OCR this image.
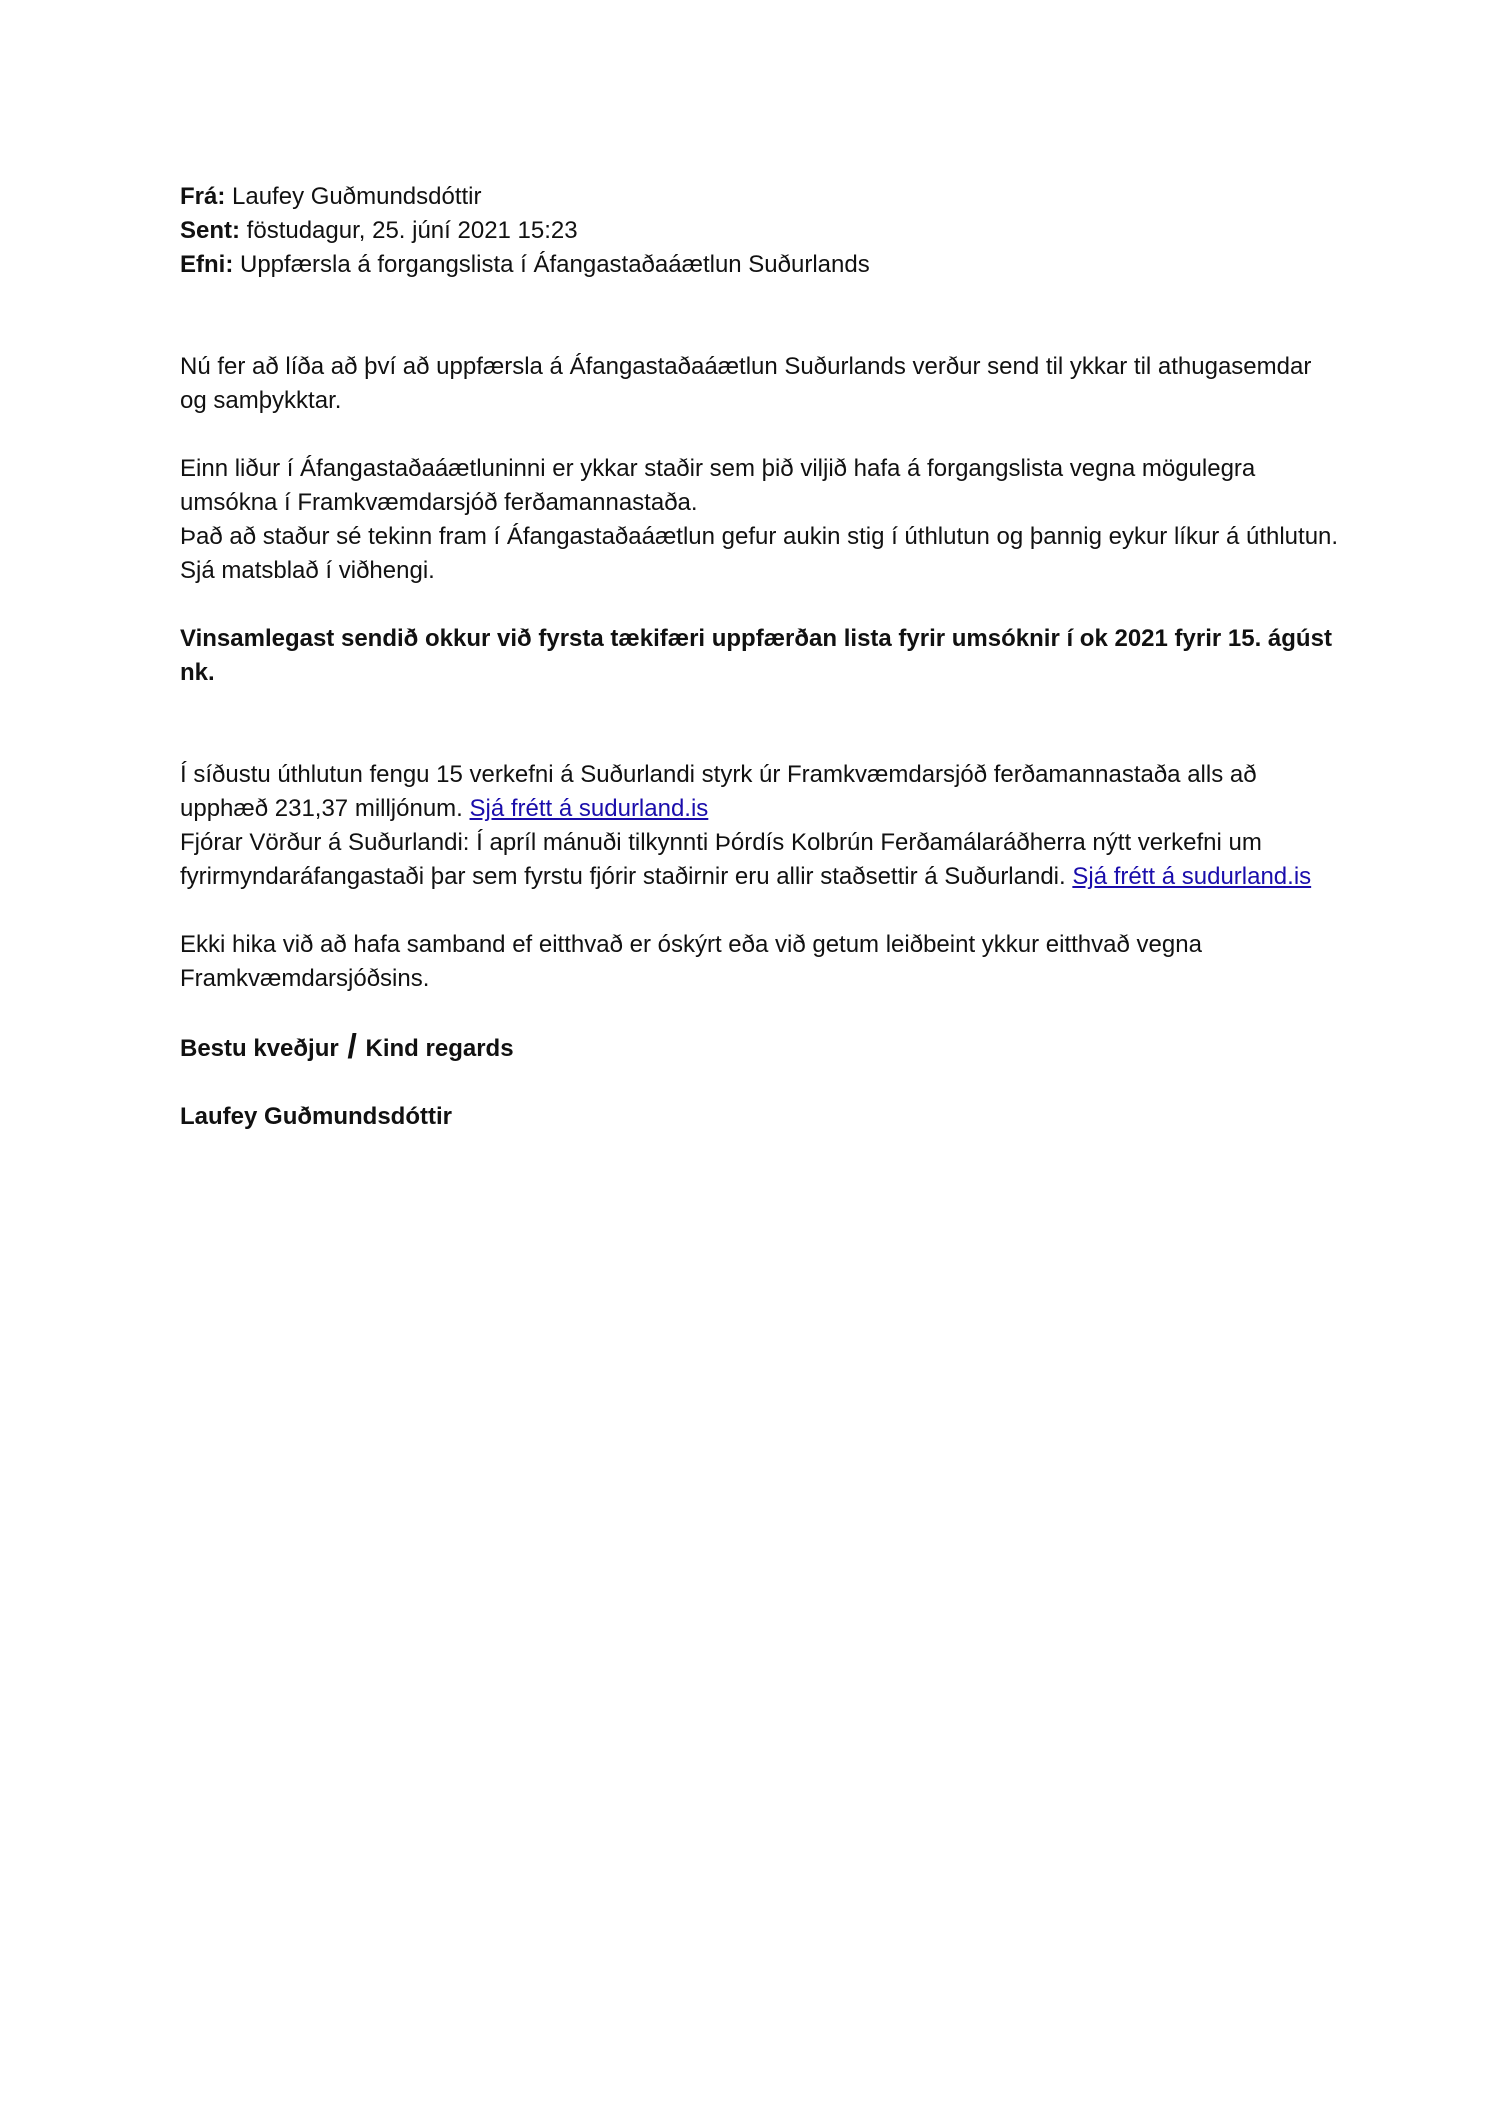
Frá: Laufey Guðmundsdóttir

Sent: föstudagur, 25. júní 2021 15:23

Efni: Uppfærsla á forgangslista í Áfangastaðaáætlun Suðurlands

Nú fer að líða að því að uppfærsla á Áfangastaðaáætlun Suðurlands verður send til ykkar til athugasemdar og samþykktar.

Einn liður í Áfangastaðaáætluninni er ykkar staðir sem þið viljið hafa á forgangslista vegna mögulegra umsókna í Framkvæmdarsjóð ferðamannastaða.

Það að staður sé tekinn fram í Áfangastaðaáætlun gefur aukin stig í úthlutun og þannig eykur líkur á úthlutun. Sjá matsblað í viðhengi.

Vinsamlegast sendið okkur við fyrsta tækifæri uppfærðan lista fyrir umsóknir í ok 2021 fyrir 15. ágúst nk.

Í síðustu úthlutun fengu 15 verkefni á Suðurlandi styrk úr Framkvæmdarsjóð ferðamannastaða alls að upphæð 231,37 milljónum. Sjá frétt á sudurland.is

Fjórar Vörður á Suðurlandi: Í apríl mánuði tilkynnti Þórdís Kolbrún Ferðamálaráðherra nýtt verkefni um fyrirmyndaráfangastaði þar sem fyrstu fjórir staðirnir eru allir staðsettir á Suðurlandi. Sjá frétt á sudurland.is

Ekki hika við að hafa samband ef eitthvað er óskýrt eða við getum leiðbeint ykkur eitthvað vegna Framkvæmdarsjóðsins.

Bestu kveðjur / Kind regards

Laufey Guðmundsdóttir
